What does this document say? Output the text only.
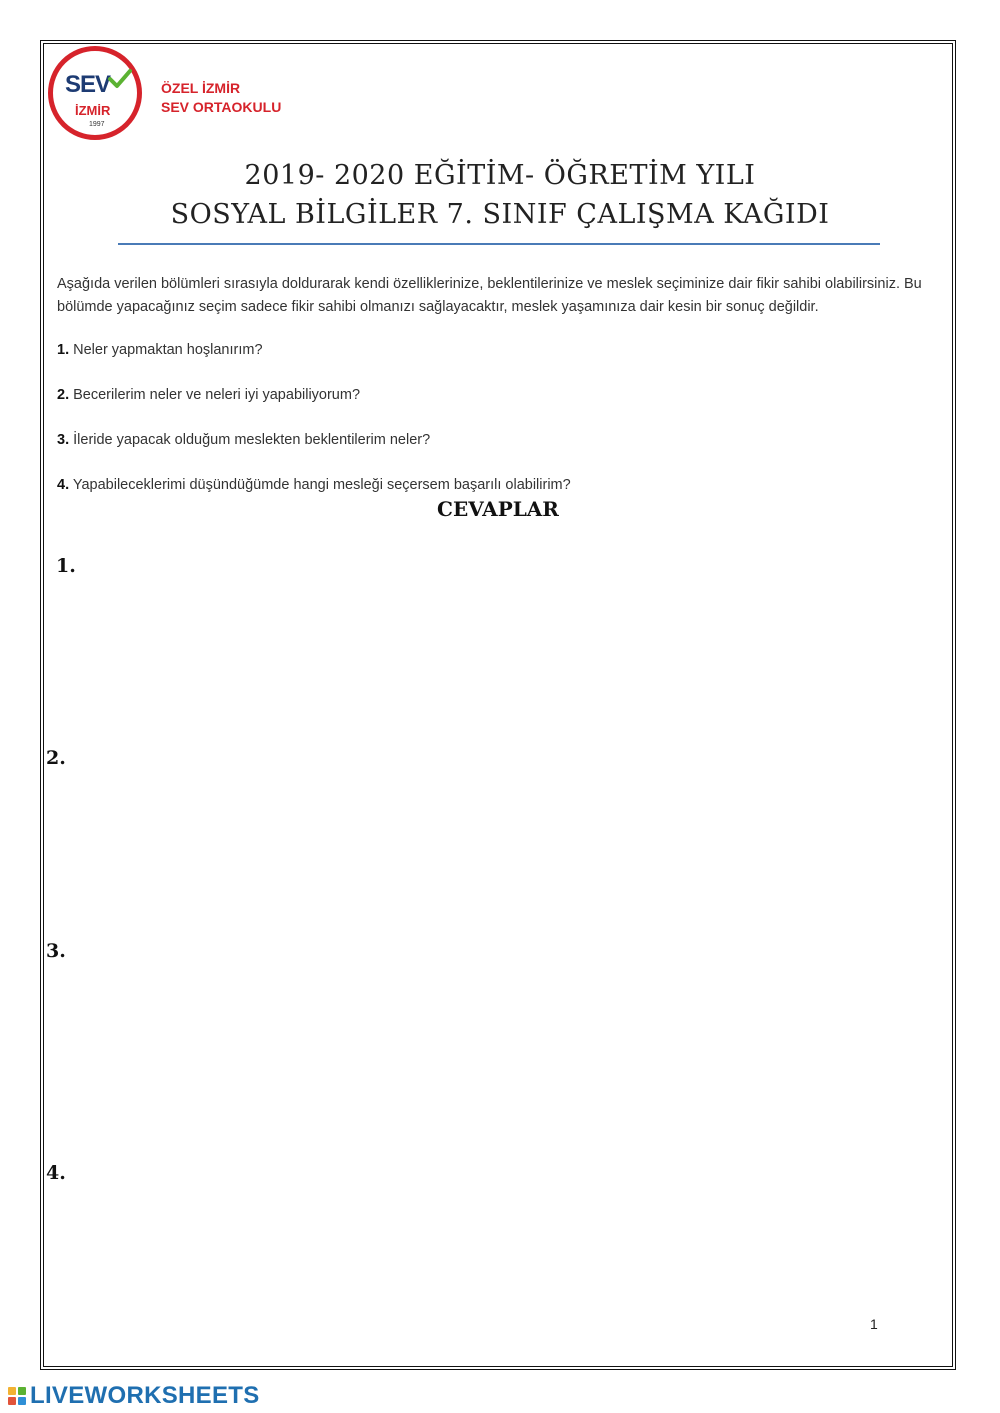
SEV
İZMİR
1997
ÖZEL İZMİR
SEV ORTAOKULU
2019- 2020 EĞİTİM- ÖĞRETİM YILI
SOSYAL BİLGİLER 7. SINIF ÇALIŞMA KAĞIDI
Aşağıda verilen bölümleri sırasıyla doldurarak kendi özelliklerinize, beklentilerinize ve meslek seçiminize dair fikir sahibi olabilirsiniz. Bu bölümde yapacağınız seçim sadece fikir sahibi olmanızı sağlayacaktır, meslek yaşamınıza dair kesin bir sonuç değildir.
1. Neler yapmaktan hoşlanırım?
2. Becerilerim neler ve neleri iyi yapabiliyorum?
3. İleride yapacak olduğum meslekten beklentilerim neler?
4. Yapabileceklerimi düşündüğümde hangi mesleği seçersem başarılı olabilirim?
CEVAPLAR
1.
2.
3.
4.
1
LIVEWORKSHEETS
